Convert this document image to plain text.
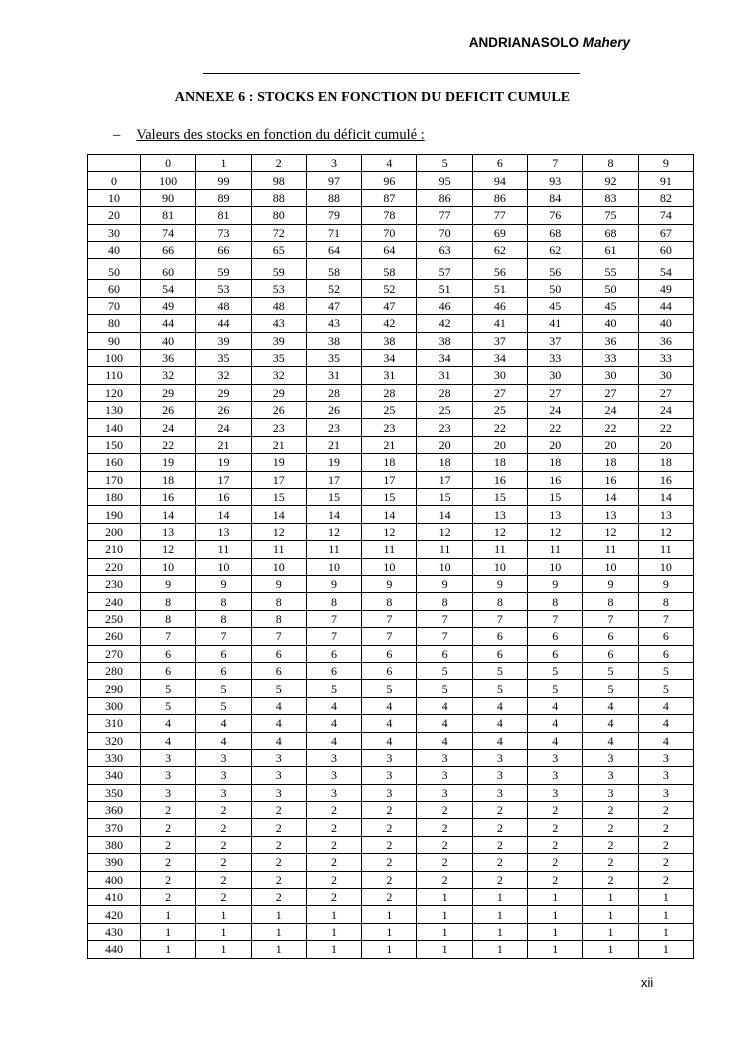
ANDRIANASOLO Mahery
ANNEXE 6 : STOCKS EN FONCTION DU DEFICIT CUMULE
– Valeurs des stocks en fonction du déficit cumulé :
	0	1	2	3	4	5	6	7	8	9
0	100	99	98	97	96	95	94	93	92	91
10	90	89	88	88	87	86	86	84	83	82
20	81	81	80	79	78	77	77	76	75	74
30	74	73	72	71	70	70	69	68	68	67
40	66	66	65	64	64	63	62	62	61	60
50	60	59	59	58	58	57	56	56	55	54
60	54	53	53	52	52	51	51	50	50	49
70	49	48	48	47	47	46	46	45	45	44
80	44	44	43	43	42	42	41	41	40	40
90	40	39	39	38	38	38	37	37	36	36
100	36	35	35	35	34	34	34	33	33	33
110	32	32	32	31	31	31	30	30	30	30
120	29	29	29	28	28	28	27	27	27	27
130	26	26	26	26	25	25	25	24	24	24
140	24	24	23	23	23	23	22	22	22	22
150	22	21	21	21	21	20	20	20	20	20
160	19	19	19	19	18	18	18	18	18	18
170	18	17	17	17	17	17	16	16	16	16
180	16	16	15	15	15	15	15	15	14	14
190	14	14	14	14	14	14	13	13	13	13
200	13	13	12	12	12	12	12	12	12	12
210	12	11	11	11	11	11	11	11	11	11
220	10	10	10	10	10	10	10	10	10	10
230	9	9	9	9	9	9	9	9	9	9
240	8	8	8	8	8	8	8	8	8	8
250	8	8	8	7	7	7	7	7	7	7
260	7	7	7	7	7	7	6	6	6	6
270	6	6	6	6	6	6	6	6	6	6
280	6	6	6	6	6	5	5	5	5	5
290	5	5	5	5	5	5	5	5	5	5
300	5	5	4	4	4	4	4	4	4	4
310	4	4	4	4	4	4	4	4	4	4
320	4	4	4	4	4	4	4	4	4	4
330	3	3	3	3	3	3	3	3	3	3
340	3	3	3	3	3	3	3	3	3	3
350	3	3	3	3	3	3	3	3	3	3
360	2	2	2	2	2	2	2	2	2	2
370	2	2	2	2	2	2	2	2	2	2
380	2	2	2	2	2	2	2	2	2	2
390	2	2	2	2	2	2	2	2	2	2
400	2	2	2	2	2	2	2	2	2	2
410	2	2	2	2	2	1	1	1	1	1
420	1	1	1	1	1	1	1	1	1	1
430	1	1	1	1	1	1	1	1	1	1
440	1	1	1	1	1	1	1	1	1	1
xii
